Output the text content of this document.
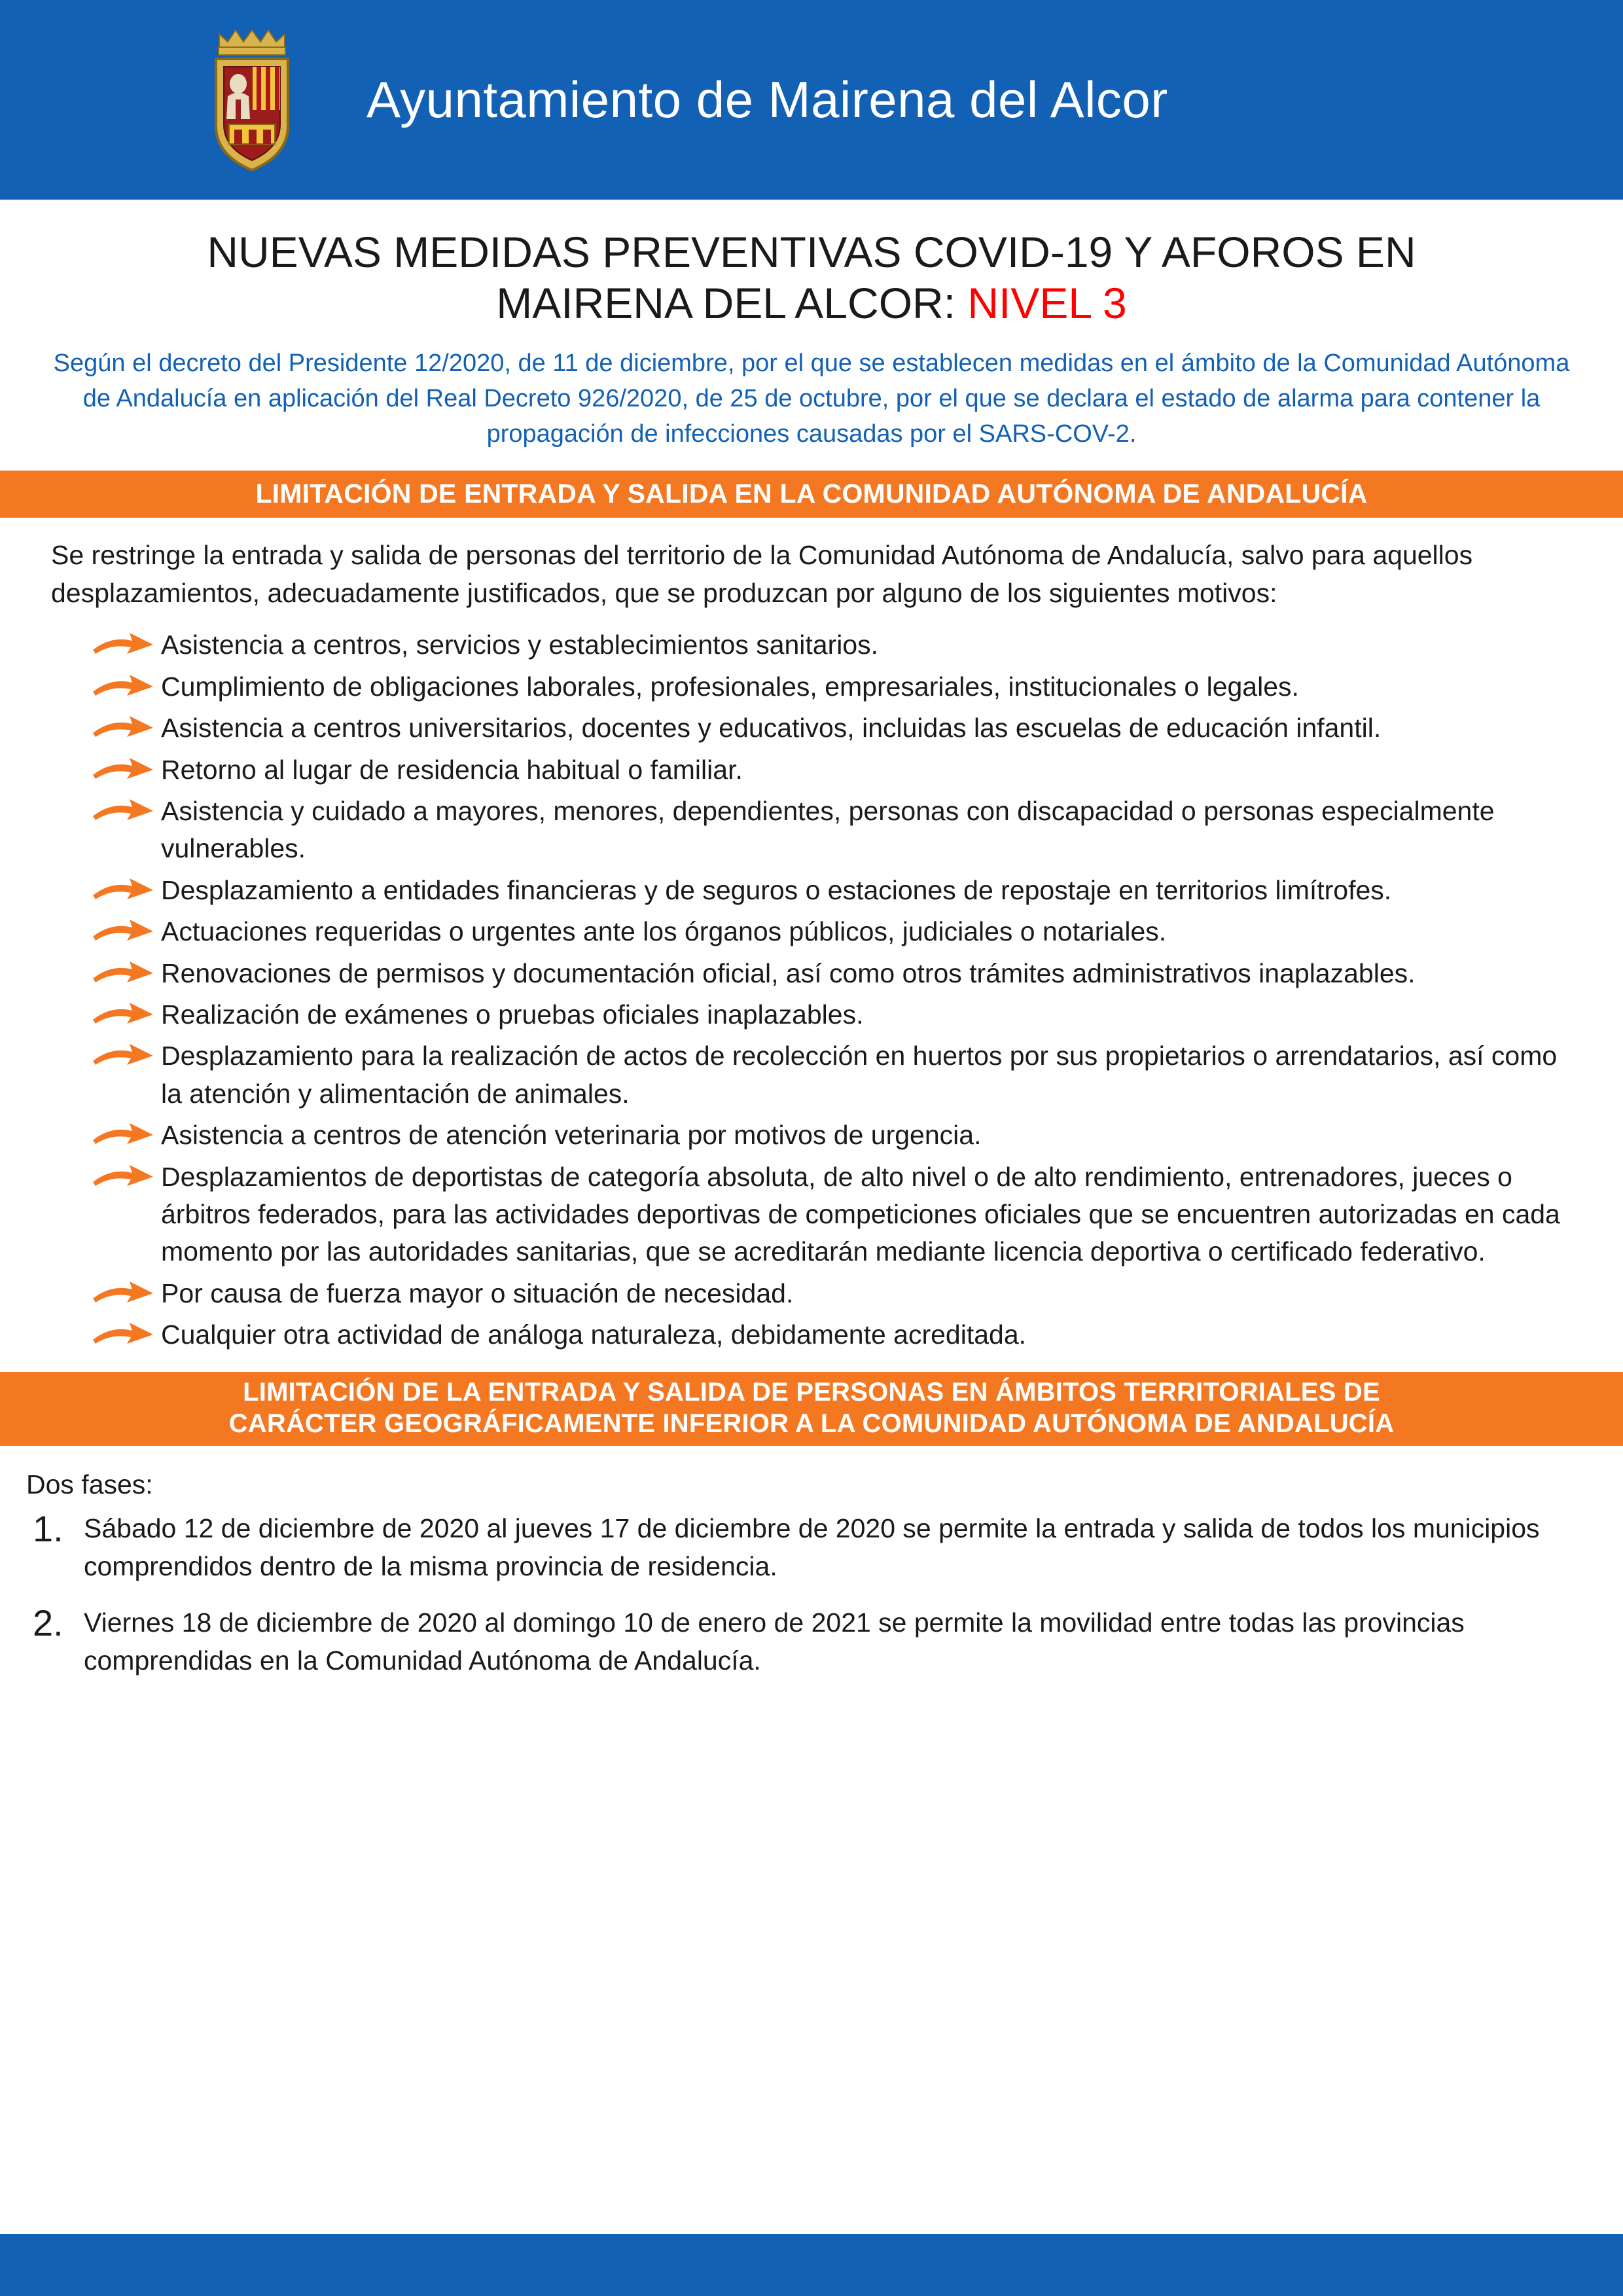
Ayuntamiento de Mairena del Alcor
NUEVAS MEDIDAS PREVENTIVAS COVID-19 Y AFOROS EN
MAIRENA DEL ALCOR: NIVEL 3
Según el decreto del Presidente 12/2020, de 11 de diciembre, por el que se establecen medidas en el ámbito de la Comunidad Autónoma de Andalucía en aplicación del Real Decreto 926/2020, de 25 de octubre, por el que se declara el estado de alarma para contener la propagación de infecciones causadas por el SARS-COV-2.
LIMITACIÓN DE ENTRADA Y SALIDA EN LA COMUNIDAD AUTÓNOMA DE ANDALUCÍA
Se restringe la entrada y salida de personas del territorio de la Comunidad Autónoma de Andalucía, salvo para aquellos desplazamientos, adecuadamente justificados, que se produzcan por alguno de los siguientes motivos:
Asistencia a centros, servicios y establecimientos sanitarios.
Cumplimiento de obligaciones laborales, profesionales, empresariales, institucionales o legales.
Asistencia a centros universitarios, docentes y educativos, incluidas las escuelas de educación infantil.
Retorno al lugar de residencia habitual o familiar.
Asistencia y cuidado a mayores, menores, dependientes, personas con discapacidad o personas especialmente vulnerables.
Desplazamiento a entidades financieras y de seguros o estaciones de repostaje en territorios limítrofes.
Actuaciones requeridas o urgentes ante los órganos públicos, judiciales o notariales.
Renovaciones de permisos y documentación oficial, así como otros trámites administrativos inaplazables.
Realización de exámenes o pruebas oficiales inaplazables.
Desplazamiento para la realización de actos de recolección en huertos por sus propietarios o arrendatarios, así como la atención y alimentación de animales.
Asistencia a centros de atención veterinaria por motivos de urgencia.
Desplazamientos de deportistas de categoría absoluta, de alto nivel o de alto rendimiento, entrenadores, jueces o árbitros federados, para las actividades deportivas de competiciones oficiales que se encuentren autorizadas en cada momento por las autoridades sanitarias, que se acreditarán mediante licencia deportiva o certificado federativo.
Por causa de fuerza mayor o situación de necesidad.
Cualquier otra actividad de análoga naturaleza, debidamente acreditada.
LIMITACIÓN DE LA ENTRADA Y SALIDA DE PERSONAS EN ÁMBITOS TERRITORIALES DE
CARÁCTER GEOGRÁFICAMENTE INFERIOR A LA COMUNIDAD AUTÓNOMA DE ANDALUCÍA
Dos fases:
1. Sábado 12 de diciembre de 2020 al jueves 17 de diciembre de 2020 se permite la entrada y salida de todos los municipios comprendidos dentro de la misma provincia de residencia.
2. Viernes 18 de diciembre de 2020 al domingo 10 de enero de 2021 se permite la movilidad entre todas las provincias comprendidas en la Comunidad Autónoma de Andalucía.
